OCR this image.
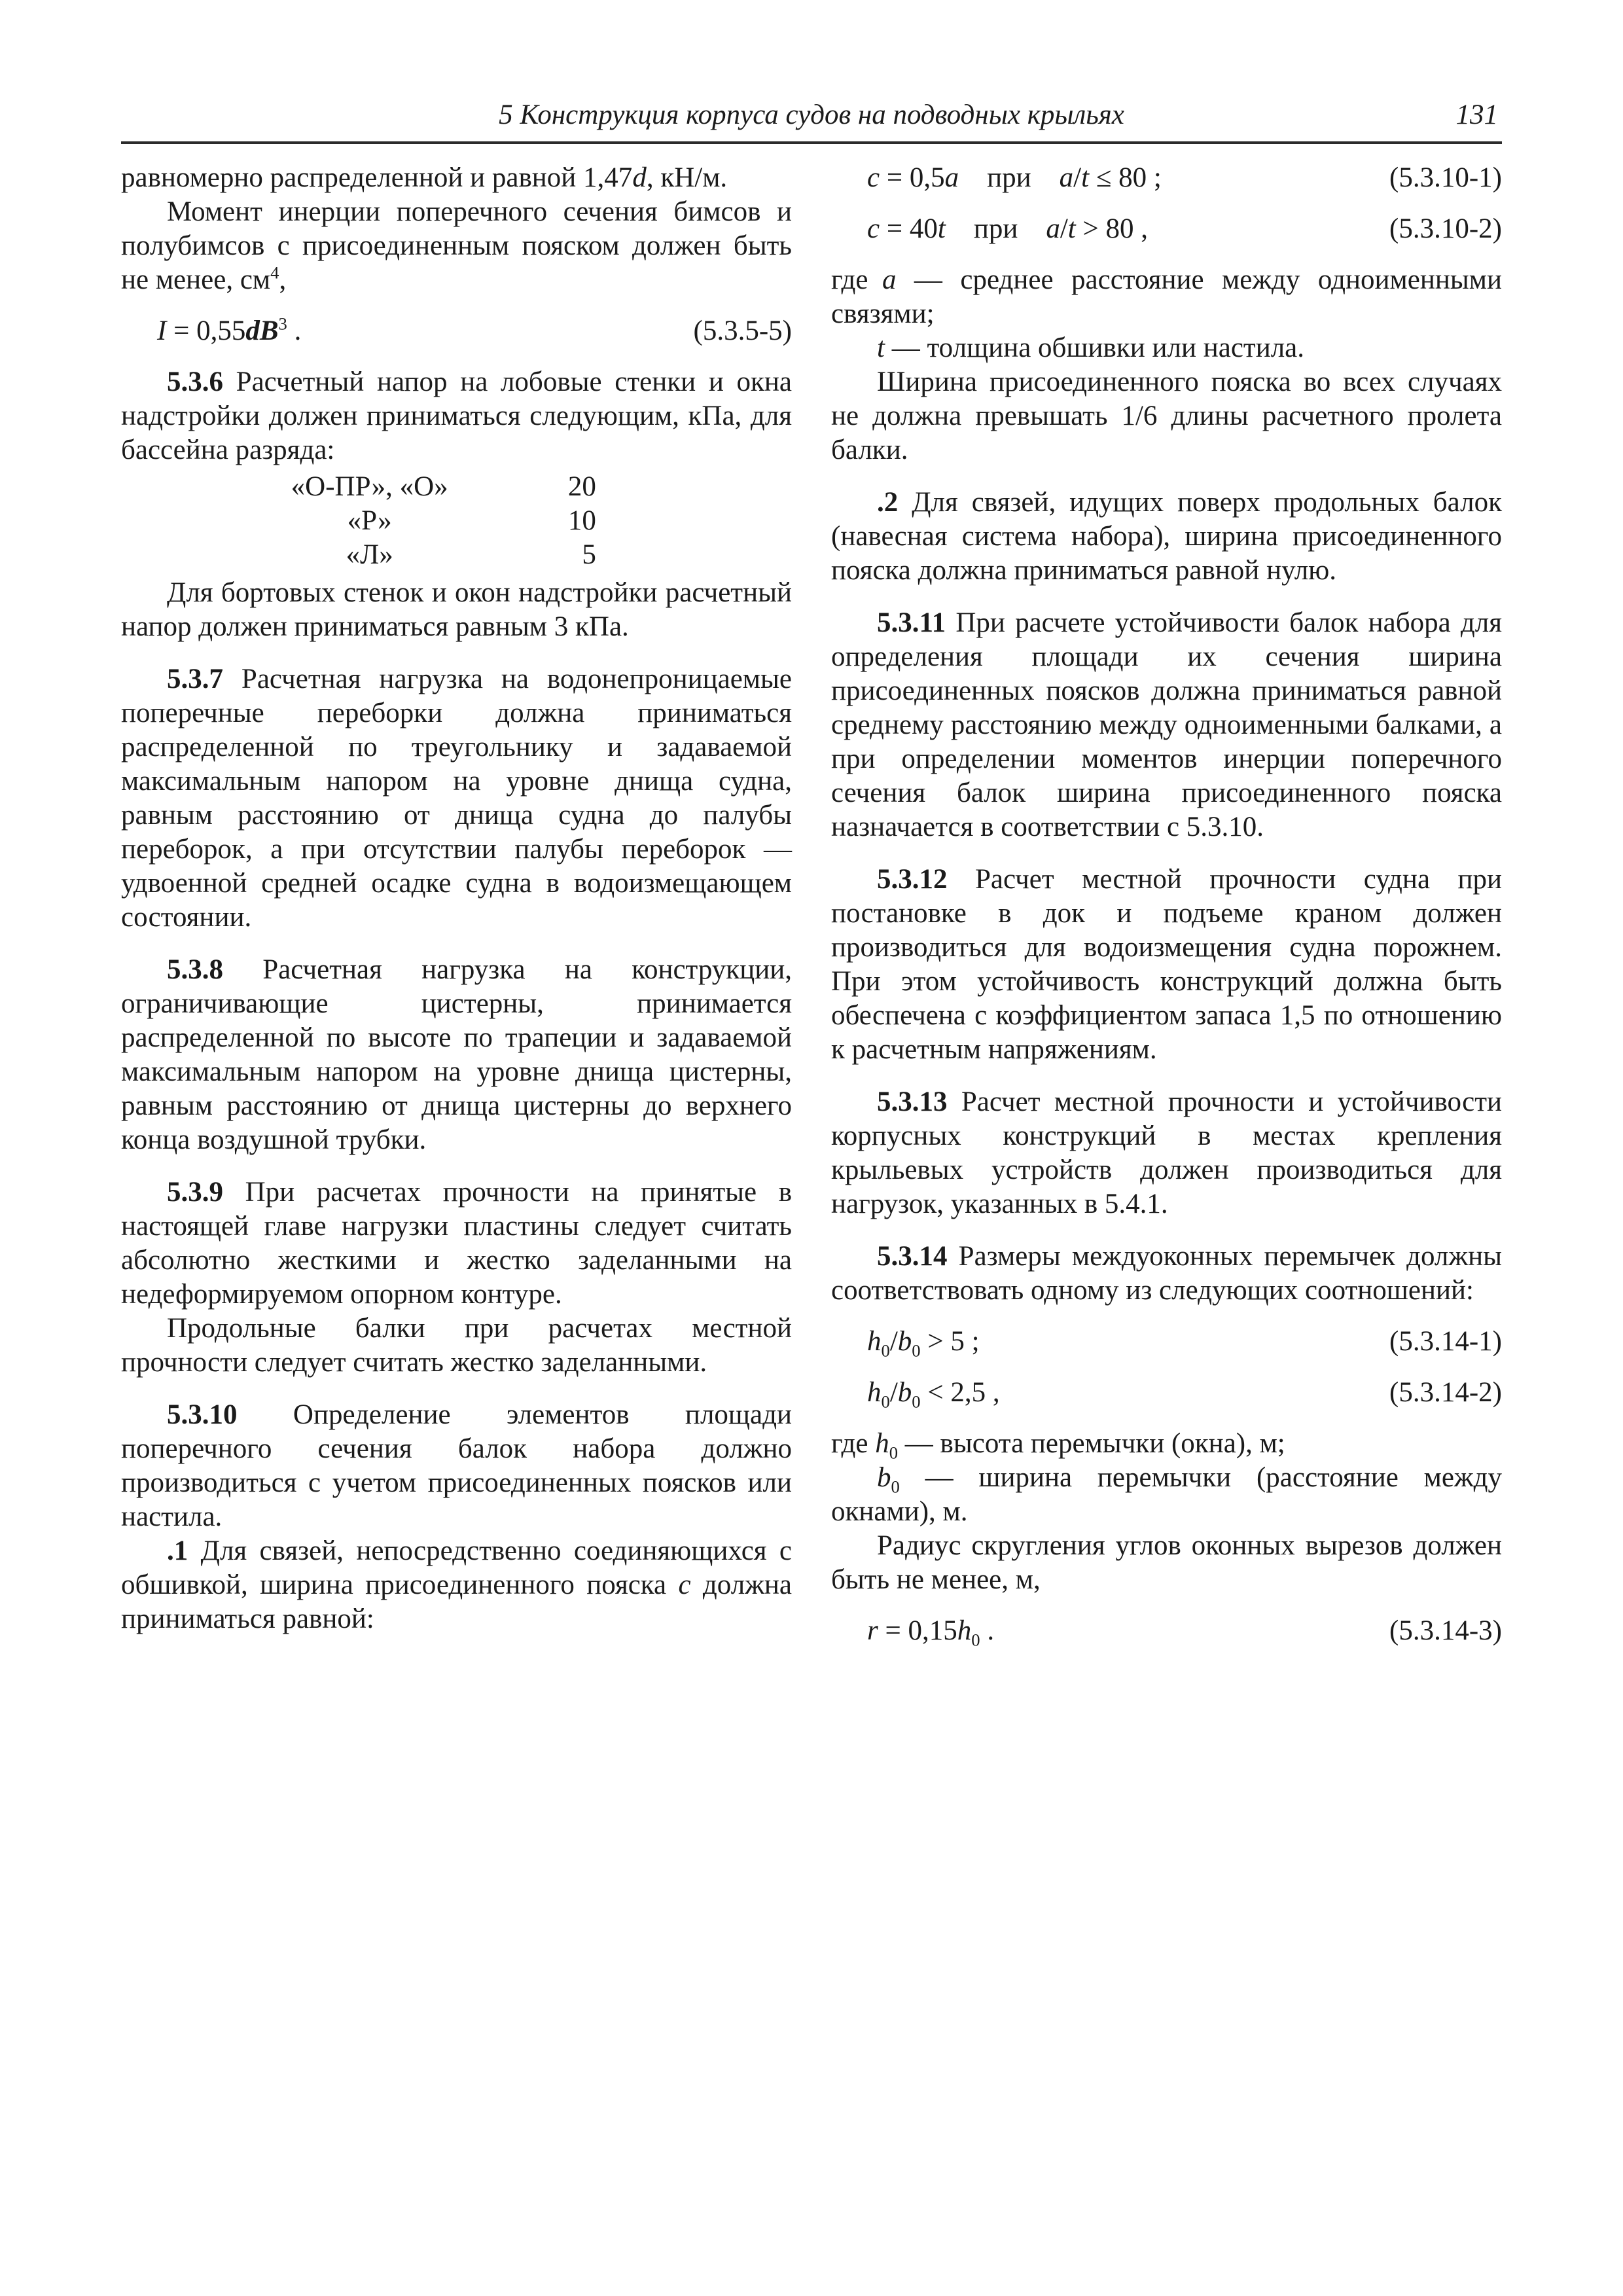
5 Конструкция корпуса судов на подводных крыльях	131

равномерно распределенной и равной 1,47d, кН/м.

Момент инерции поперечного сечения бимсов и полубимсов с присоединенным пояском должен быть не менее, $см^4$,

$I = 0,55dB^3$ .	(5.3.5-5)

5.3.6 Расчетный напор на лобовые стенки и окна надстройки должен приниматься следующим, кПа, для бассейна разряда:

«О-ПР», «О»	20
«Р»	10
«Л»	5

Для бортовых стенок и окон надстройки расчетный напор должен приниматься равным 3 кПа.

5.3.7 Расчетная нагрузка на водонепроницаемые поперечные переборки должна приниматься распределенной по треугольнику и задаваемой максимальным напором на уровне днища судна, равным расстоянию от днища судна до палубы переборок, а при отсутствии палубы переборок — удвоенной средней осадке судна в водоизмещающем состоянии.

5.3.8 Расчетная нагрузка на конструкции, ограничивающие цистерны, принимается распределенной по высоте по трапеции и задаваемой максимальным напором на уровне днища цистерны, равным расстоянию от днища цистерны до верхнего конца воздушной трубки.

5.3.9 При расчетах прочности на принятые в настоящей главе нагрузки пластины следует считать абсолютно жесткими и жестко заделанными на недеформируемом опорном контуре.

Продольные балки при расчетах местной прочности следует считать жестко заделанными.

5.3.10 Определение элементов площади поперечного сечения балок набора должно производиться с учетом присоединенных поясков или настила.

.1 Для связей, непосредственно соединяющихся с обшивкой, ширина присоединенного пояска c должна приниматься равной:

c = 0,5a при a/t ≤ 80 ;	(5.3.10-1)
c = 40t при a/t > 80 ,	(5.3.10-2)

где a — среднее расстояние между одноименными связями;

t — толщина обшивки или настила.

Ширина присоединенного пояска во всех случаях не должна превышать 1/6 длины расчетного пролета балки.

.2 Для связей, идущих поверх продольных балок (навесная система набора), ширина присоединенного пояска должна приниматься равной нулю.

5.3.11 При расчете устойчивости балок набора для определения площади их сечения ширина присоединенных поясков должна приниматься равной среднему расстоянию между одноименными балками, а при определении моментов инерции поперечного сечения балок ширина присоединенного пояска назначается в соответствии с 5.3.10.

5.3.12 Расчет местной прочности судна при постановке в док и подъеме краном должен производиться для водоизмещения судна порожнем. При этом устойчивость конструкций должна быть обеспечена с коэффициентом запаса 1,5 по отношению к расчетным напряжениям.

5.3.13 Расчет местной прочности и устойчивости корпусных конструкций в местах крепления крыльевых устройств должен производиться для нагрузок, указанных в 5.4.1.

5.3.14 Размеры междуоконных перемычек должны соответствовать одному из следующих соотношений:

$h_0/b_0 > 5$ ;	(5.3.14-1)
$h_0/b_0 < 2,5$ ,	(5.3.14-2)

где $h_0$ — высота перемычки (окна), м;

$b_0$ — ширина перемычки (расстояние между окнами), м.

Радиус скругления углов оконных вырезов должен быть не менее, м,

$r = 0,15h_0$ .	(5.3.14-3)
